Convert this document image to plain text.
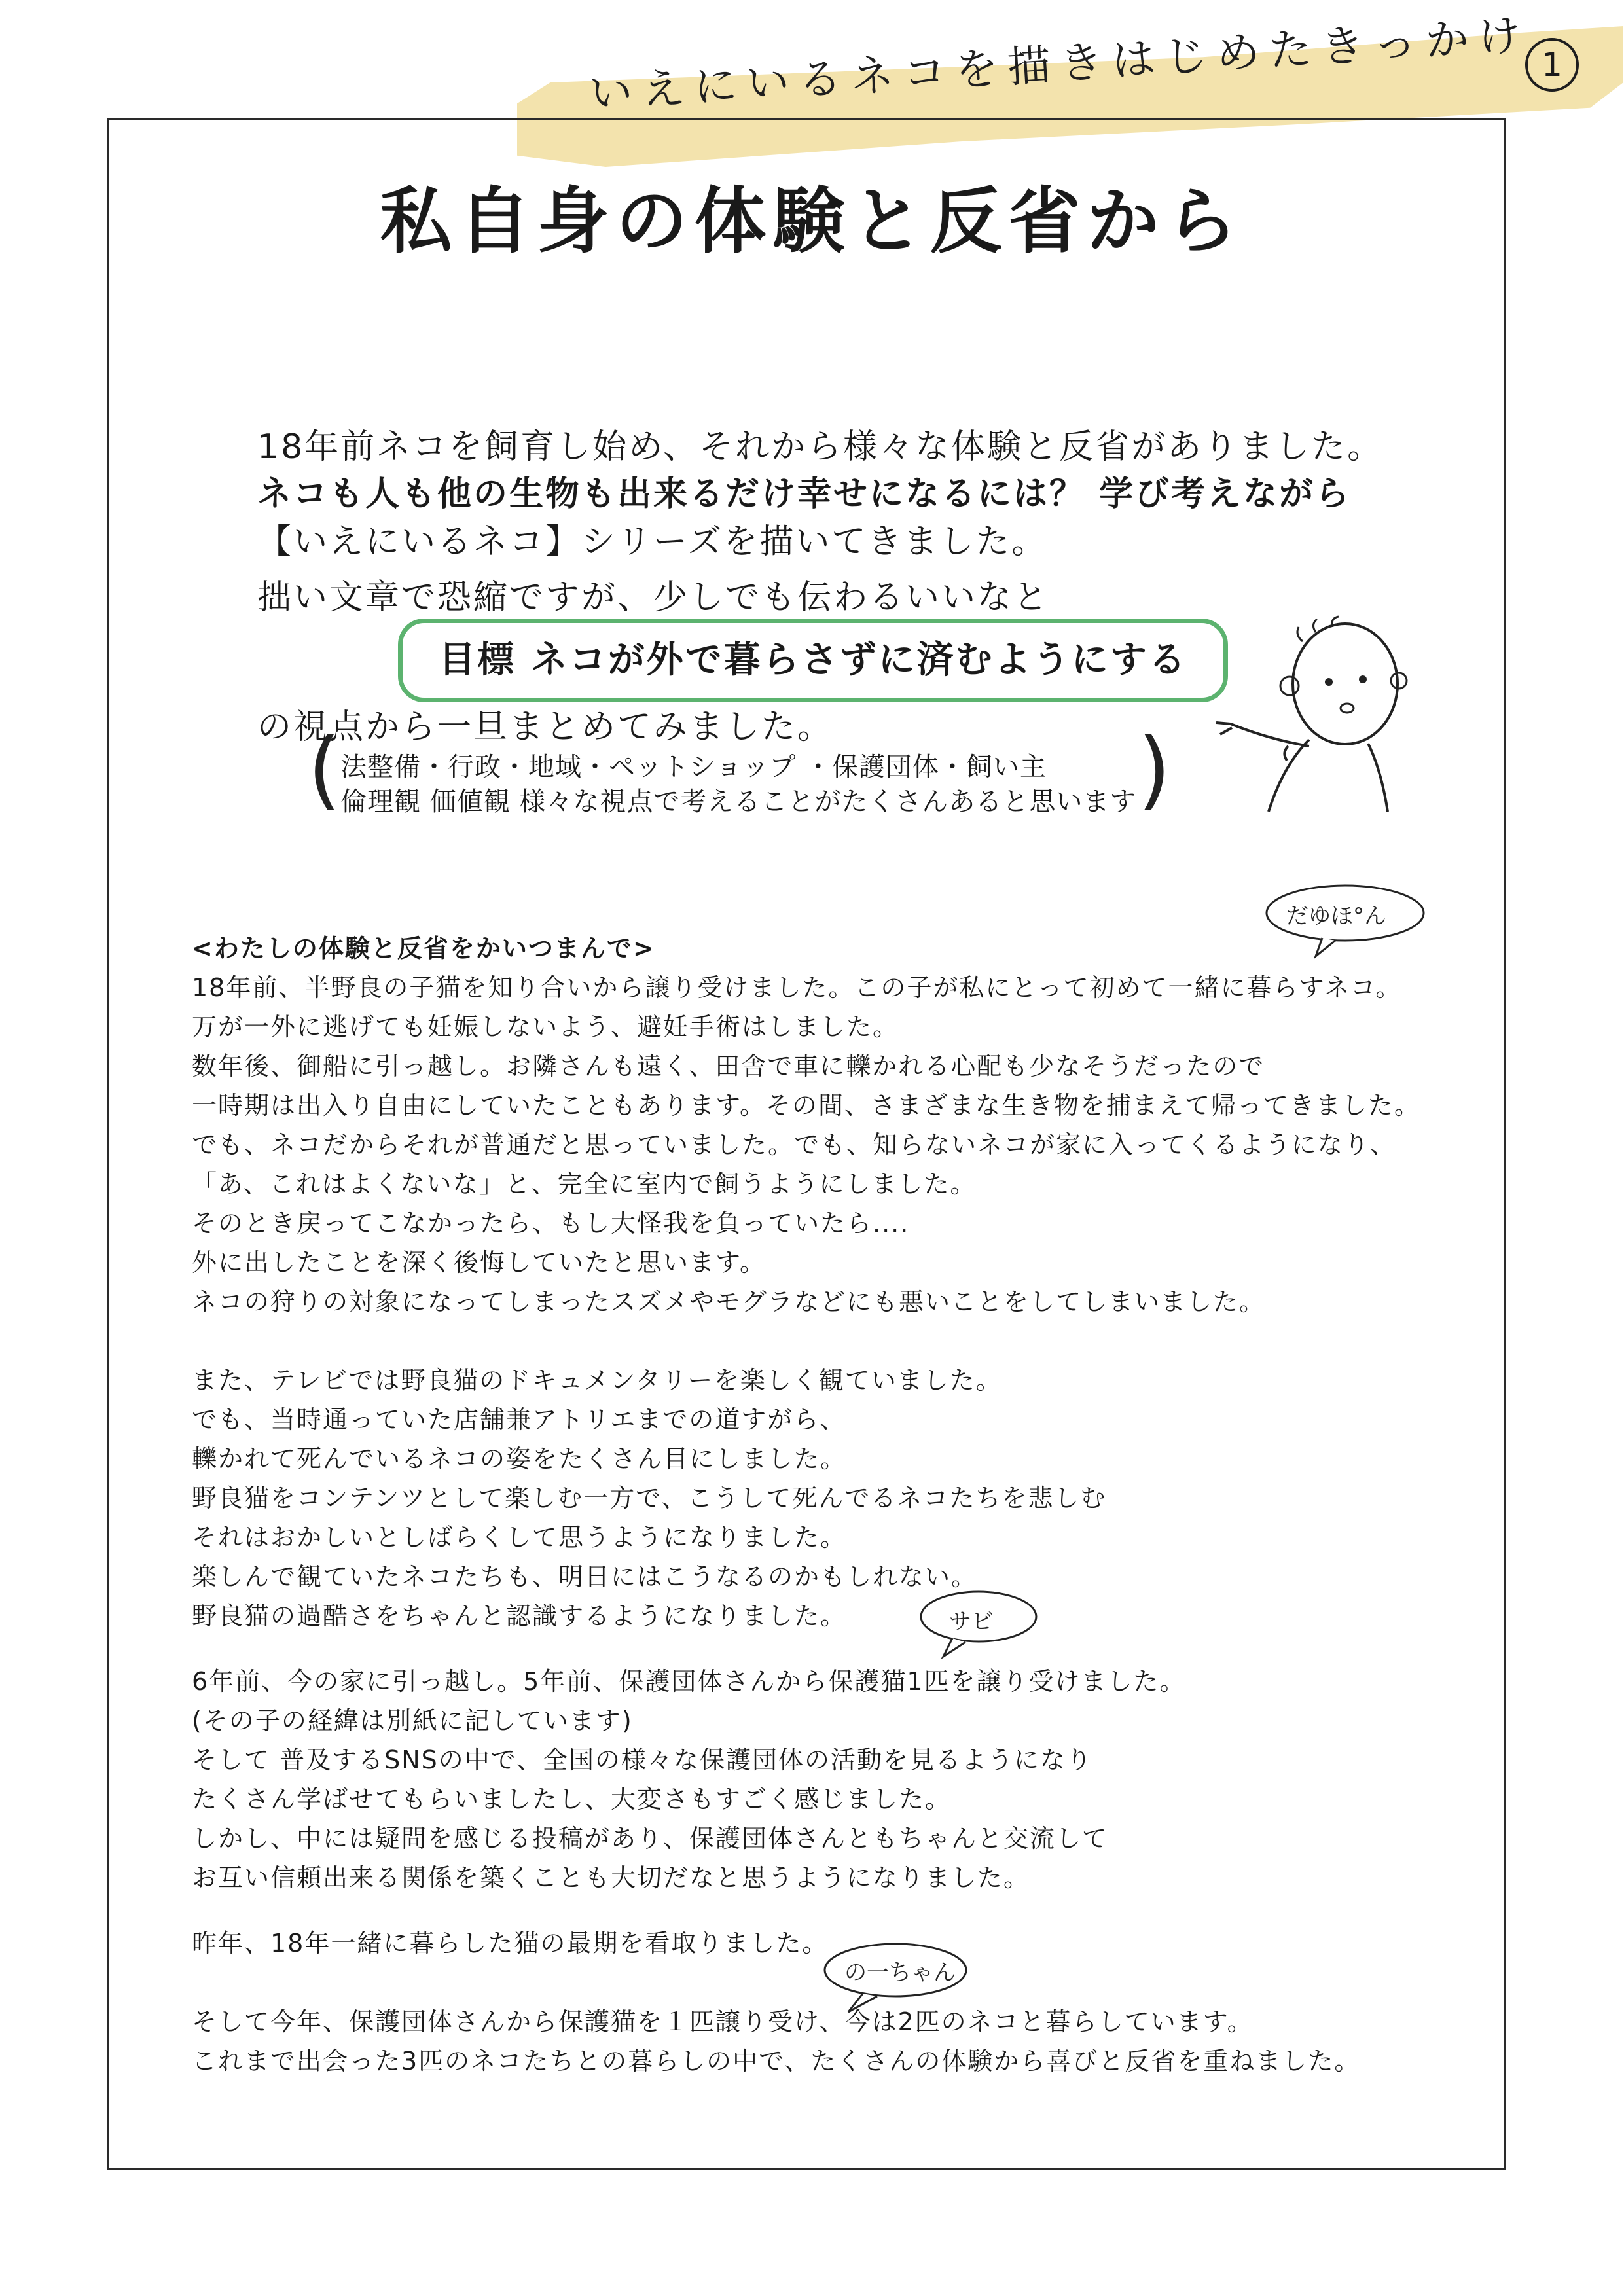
いえにいるネコを描きはじめたきっかけ 1
私自身の体験と反省から
18年前ネコを飼育し始め、それから様々な体験と反省がありました。
ネコも人も他の生物も出来るだけ幸せになるには？ 学び考えながら
【いえにいるネコ】シリーズを描いてきました。
拙い文章で恐縮ですが、少しでも伝わるいいなと
目標 ネコが外で暮らさずに済むようにする
の視点から一旦まとめてみました。
( 法整備・行政・地域・ペットショップ ・保護団体・飼い主
倫理観 価値観 様々な視点で考えることがたくさんあると思います )
だゆほ°ん
サビ
の一ちゃん
<わたしの体験と反省をかいつまんで>
18年前、半野良の子猫を知り合いから譲り受けました。この子が私にとって初めて一緒に暮らすネコ。
万が一外に逃げても妊娠しないよう、避妊手術はしました。
数年後、御船に引っ越し。お隣さんも遠く、田舎で車に轢かれる心配も少なそうだったので
一時期は出入り自由にしていたこともあります。その間、さまざまな生き物を捕まえて帰ってきました。
でも、ネコだからそれが普通だと思っていました。でも、知らないネコが家に入ってくるようになり、
「あ、これはよくないな」と、完全に室内で飼うようにしました。
そのとき戻ってこなかったら、もし大怪我を負っていたら....
外に出したことを深く後悔していたと思います。
ネコの狩りの対象になってしまったスズメやモグラなどにも悪いことをしてしまいました。
また、テレビでは野良猫のドキュメンタリーを楽しく観ていました。
でも、当時通っていた店舗兼アトリエまでの道すがら、
轢かれて死んでいるネコの姿をたくさん目にしました。
野良猫をコンテンツとして楽しむ一方で、こうして死んでるネコたちを悲しむ
それはおかしいとしばらくして思うようになりました。
楽しんで観ていたネコたちも、明日にはこうなるのかもしれない。
野良猫の過酷さをちゃんと認識するようになりました。
6年前、今の家に引っ越し。5年前、保護団体さんから保護猫1匹を譲り受けました。
(その子の経緯は別紙に記しています)
そして 普及するSNSの中で、全国の様々な保護団体の活動を見るようになり
たくさん学ばせてもらいましたし、大変さもすごく感じました。
しかし、中には疑問を感じる投稿があり、保護団体さんともちゃんと交流して
お互い信頼出来る関係を築くことも大切だなと思うようになりました。
昨年、18年一緒に暮らした猫の最期を看取りました。
そして今年、保護団体さんから保護猫を１匹譲り受け、今は2匹のネコと暮らしています。
これまで出会った3匹のネコたちとの暮らしの中で、たくさんの体験から喜びと反省を重ねました。
